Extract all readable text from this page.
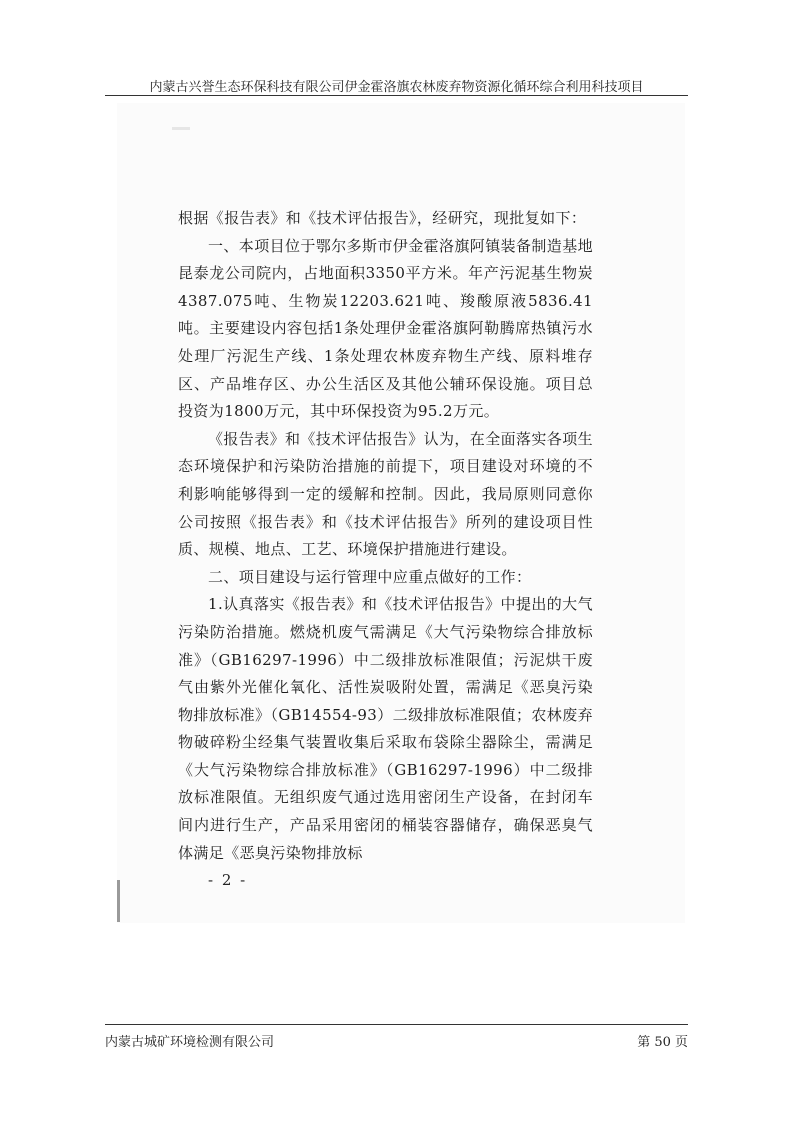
内蒙古兴誉生态环保科技有限公司伊金霍洛旗农林废弃物资源化循环综合利用科技项目

根据《报告表》和《技术评估报告》，经研究，现批复如下：

一、本项目位于鄂尔多斯市伊金霍洛旗阿镇装备制造基地昆泰龙公司院内，占地面积3350平方米。年产污泥基生物炭4387.075吨、生物炭12203.621吨、羧酸原液5836.41吨。主要建设内容包括1条处理伊金霍洛旗阿勒腾席热镇污水处理厂污泥生产线、1条处理农林废弃物生产线、原料堆存区、产品堆存区、办公生活区及其他公辅环保设施。项目总投资为1800万元，其中环保投资为95.2万元。

《报告表》和《技术评估报告》认为，在全面落实各项生态环境保护和污染防治措施的前提下，项目建设对环境的不利影响能够得到一定的缓解和控制。因此，我局原则同意你公司按照《报告表》和《技术评估报告》所列的建设项目性质、规模、地点、工艺、环境保护措施进行建设。

二、项目建设与运行管理中应重点做好的工作：

1.认真落实《报告表》和《技术评估报告》中提出的大气污染防治措施。燃烧机废气需满足《大气污染物综合排放标准》（GB16297-1996）中二级排放标准限值；污泥烘干废气由紫外光催化氧化、活性炭吸附处置，需满足《恶臭污染物排放标准》（GB14554-93）二级排放标准限值；农林废弃物破碎粉尘经集气装置收集后采取布袋除尘器除尘，需满足《大气污染物综合排放标准》（GB16297-1996）中二级排放标准限值。无组织废气通过选用密闭生产设备，在封闭车间内进行生产，产品采用密闭的桶装容器储存，确保恶臭气体满足《恶臭污染物排放标

- 2 -
内蒙古城矿环境检测有限公司	第 50 页
